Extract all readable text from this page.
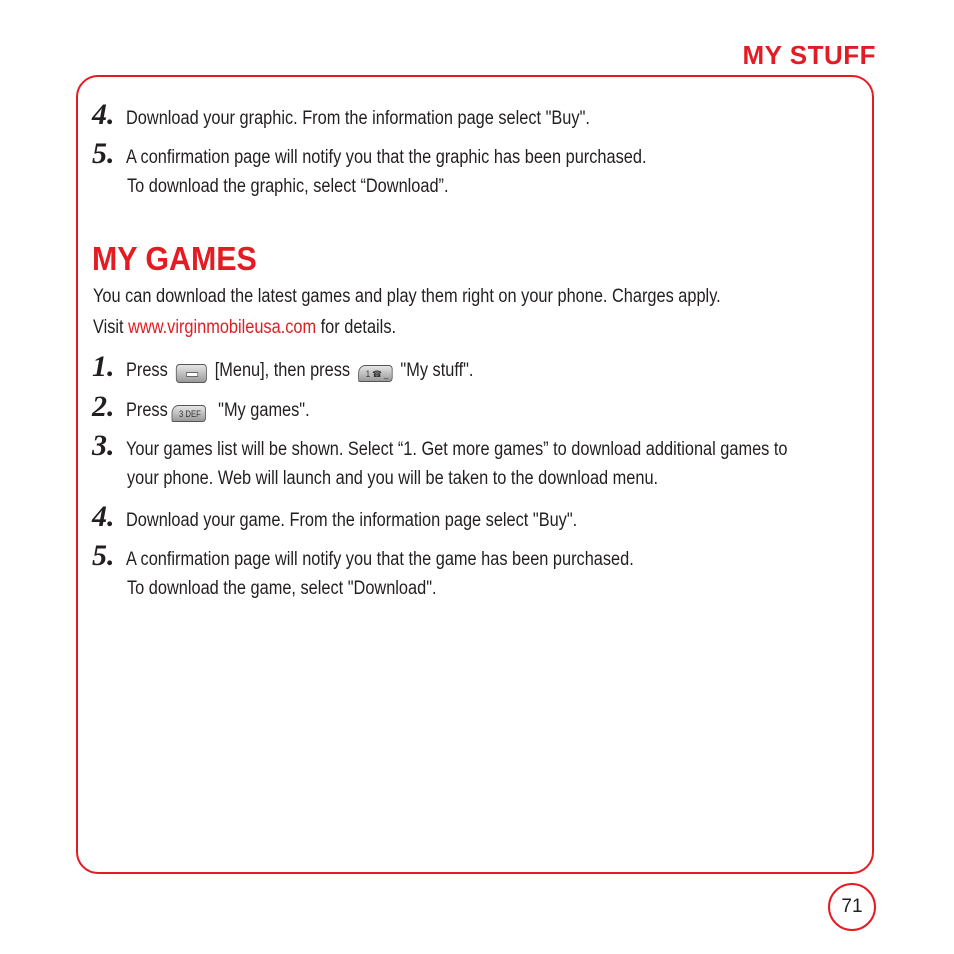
MY STUFF
4. Download your graphic. From the information page select "Buy".
5. A confirmation page will notify you that the graphic has been purchased.
To download the graphic, select “Download”.
MY GAMES
You can download the latest games and play them right on your phone. Charges apply.
Visit www.virginmobileusa.com for details.
1. Press [Menu], then press 1 ☎ _ "My stuff".
2. Press 3 DEF "My games".
3. Your games list will be shown. Select “1. Get more games” to download additional games to
your phone. Web will launch and you will be taken to the download menu.
4. Download your game. From the information page select "Buy".
5. A confirmation page will notify you that the game has been purchased.
To download the game, select "Download".
71
